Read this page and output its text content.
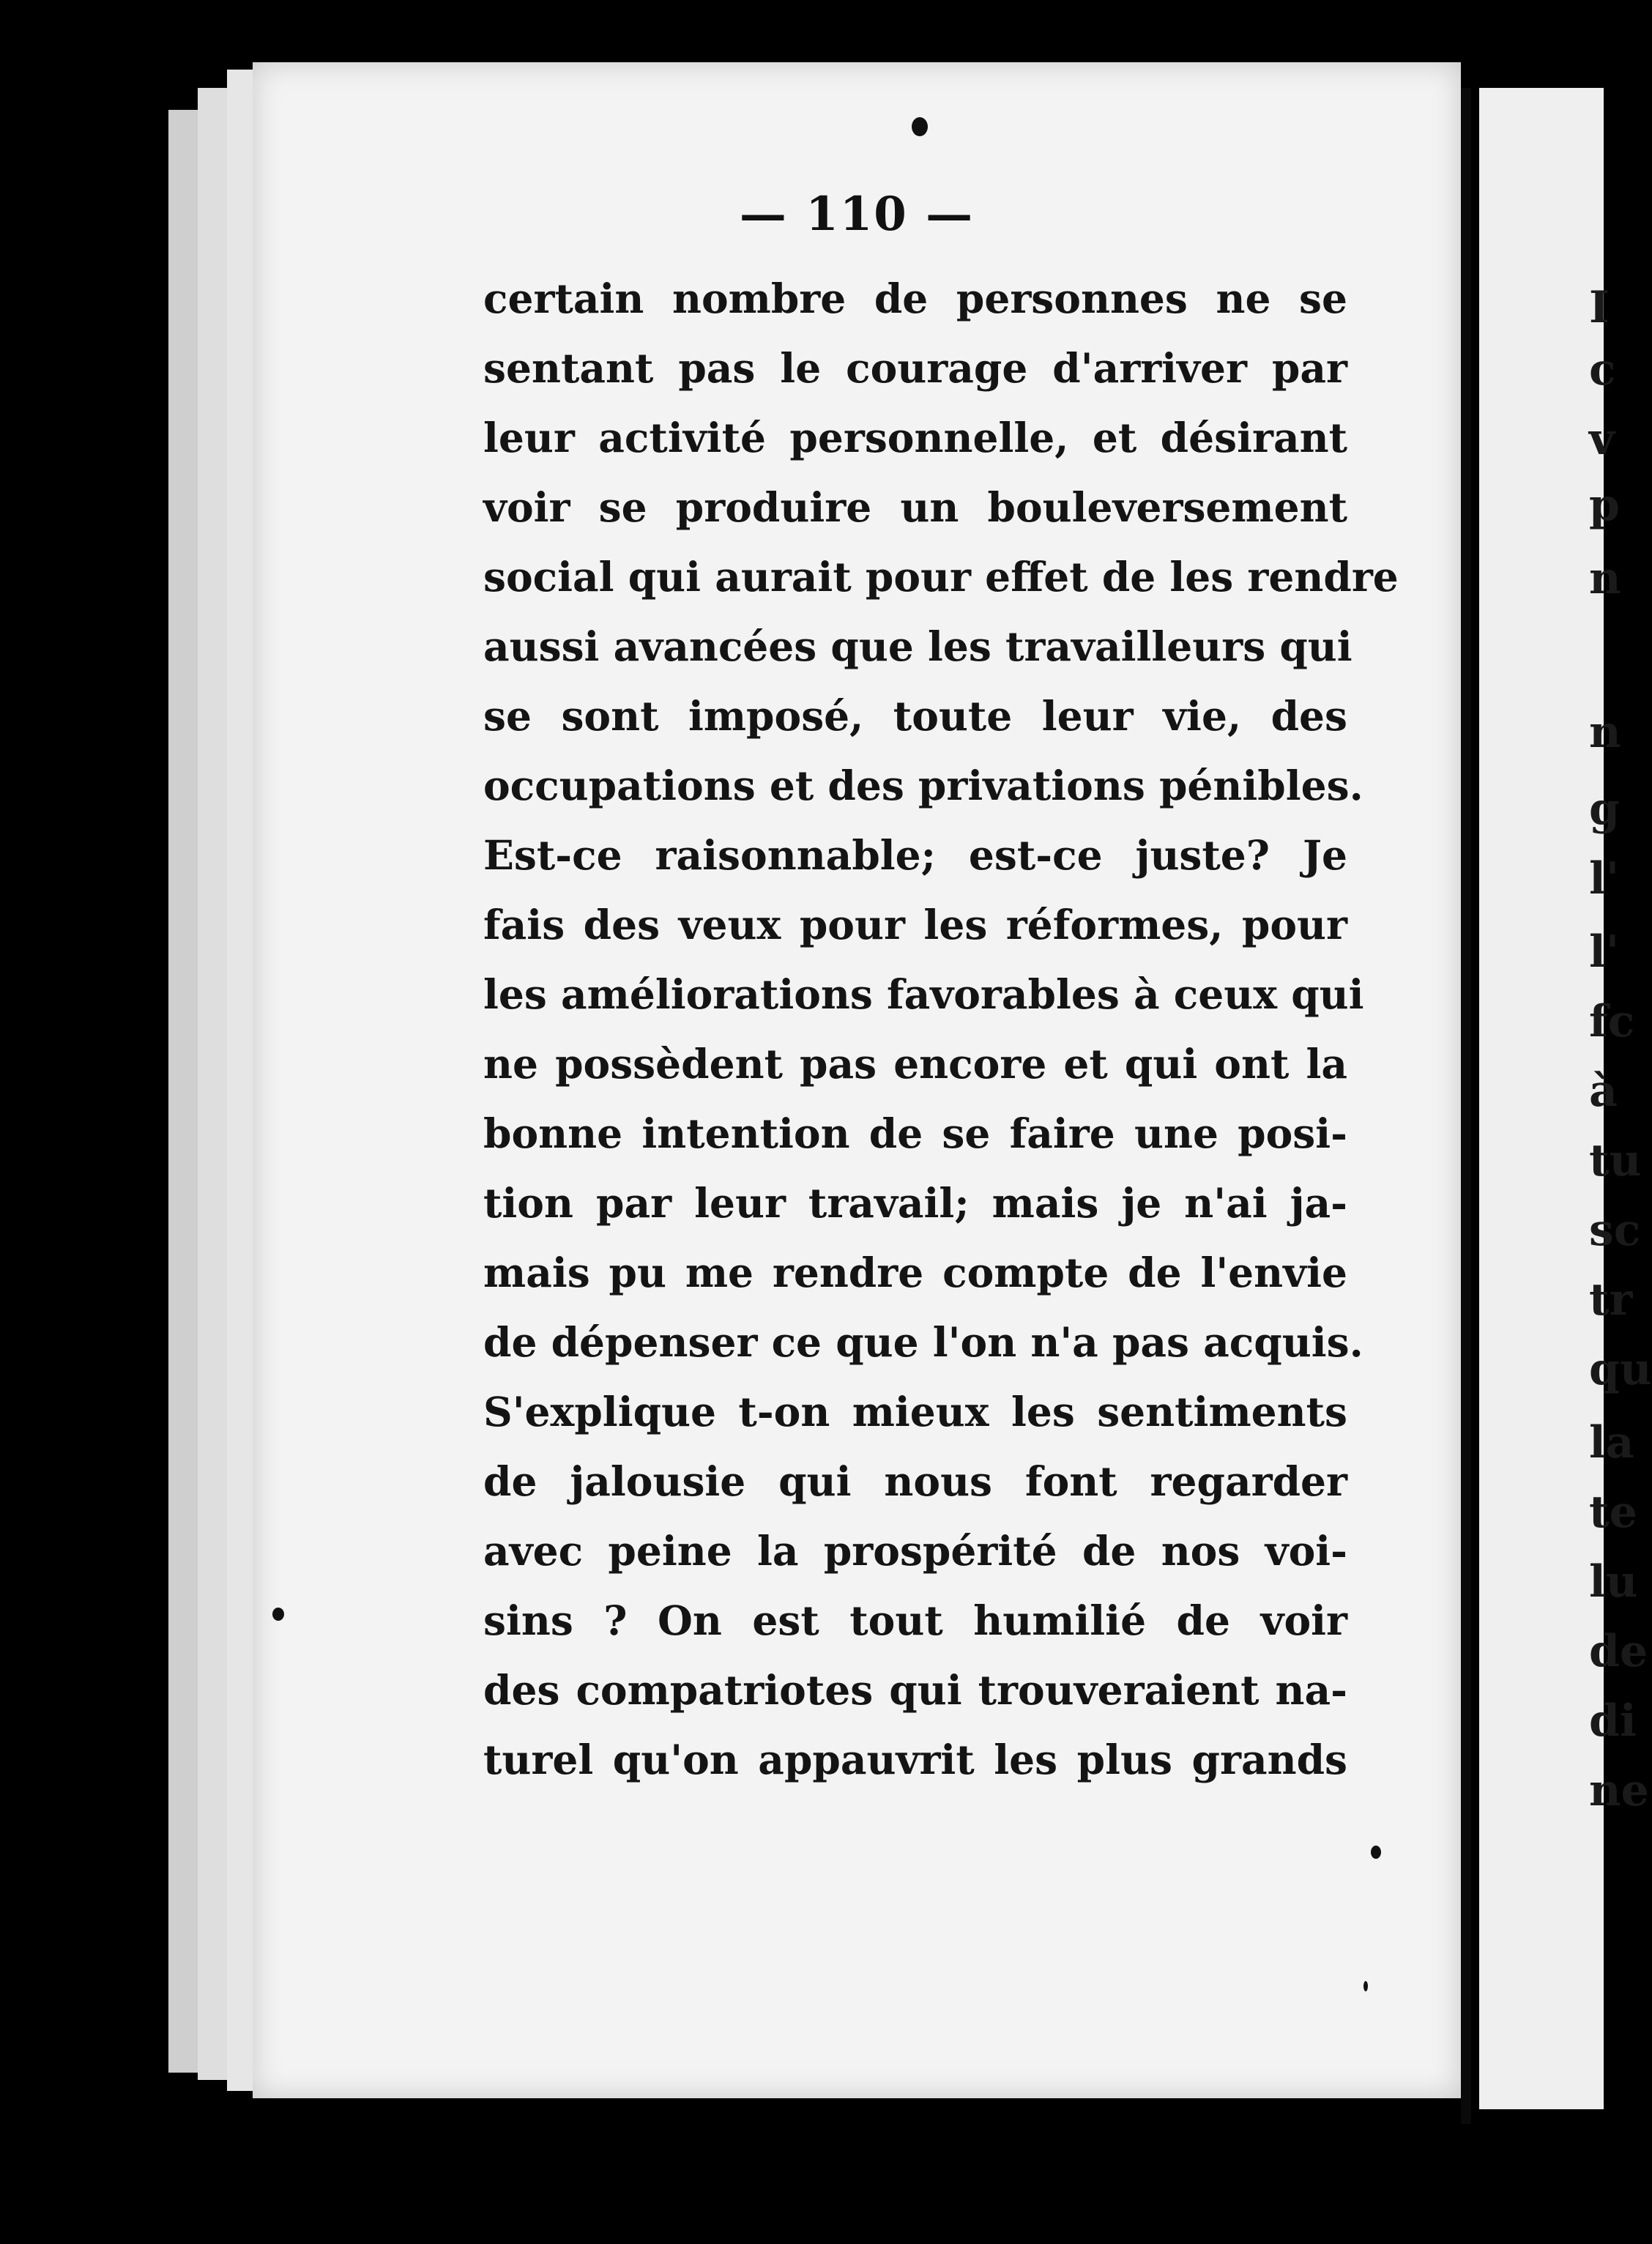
I
c
v
p
n
n
g
l'
l'
fc
à
tu
sc
tr
qu
la
te
lu
de
di
ne
— 110 —
certain nombre de personnes ne se
sentant pas le courage d'arriver par
leur activité personnelle, et désirant
voir se produire un bouleversement
social qui aurait pour effet de les rendre
aussi avancées que les travailleurs qui
se sont imposé, toute leur vie, des
occupations et des privations pénibles.
Est-ce raisonnable; est-ce juste? Je
fais des veux pour les réformes, pour
les améliorations favorables à ceux qui
ne possèdent pas encore et qui ont la
bonne intention de se faire une posi-
tion par leur travail; mais je n'ai ja-
mais pu me rendre compte de l'envie
de dépenser ce que l'on n'a pas acquis.
S'explique t-on mieux les sentiments
de jalousie qui nous font regarder
avec peine la prospérité de nos voi-
sins ? On est tout humilié de voir
des compatriotes qui trouveraient na-
turel qu'on appauvrit les plus grands
